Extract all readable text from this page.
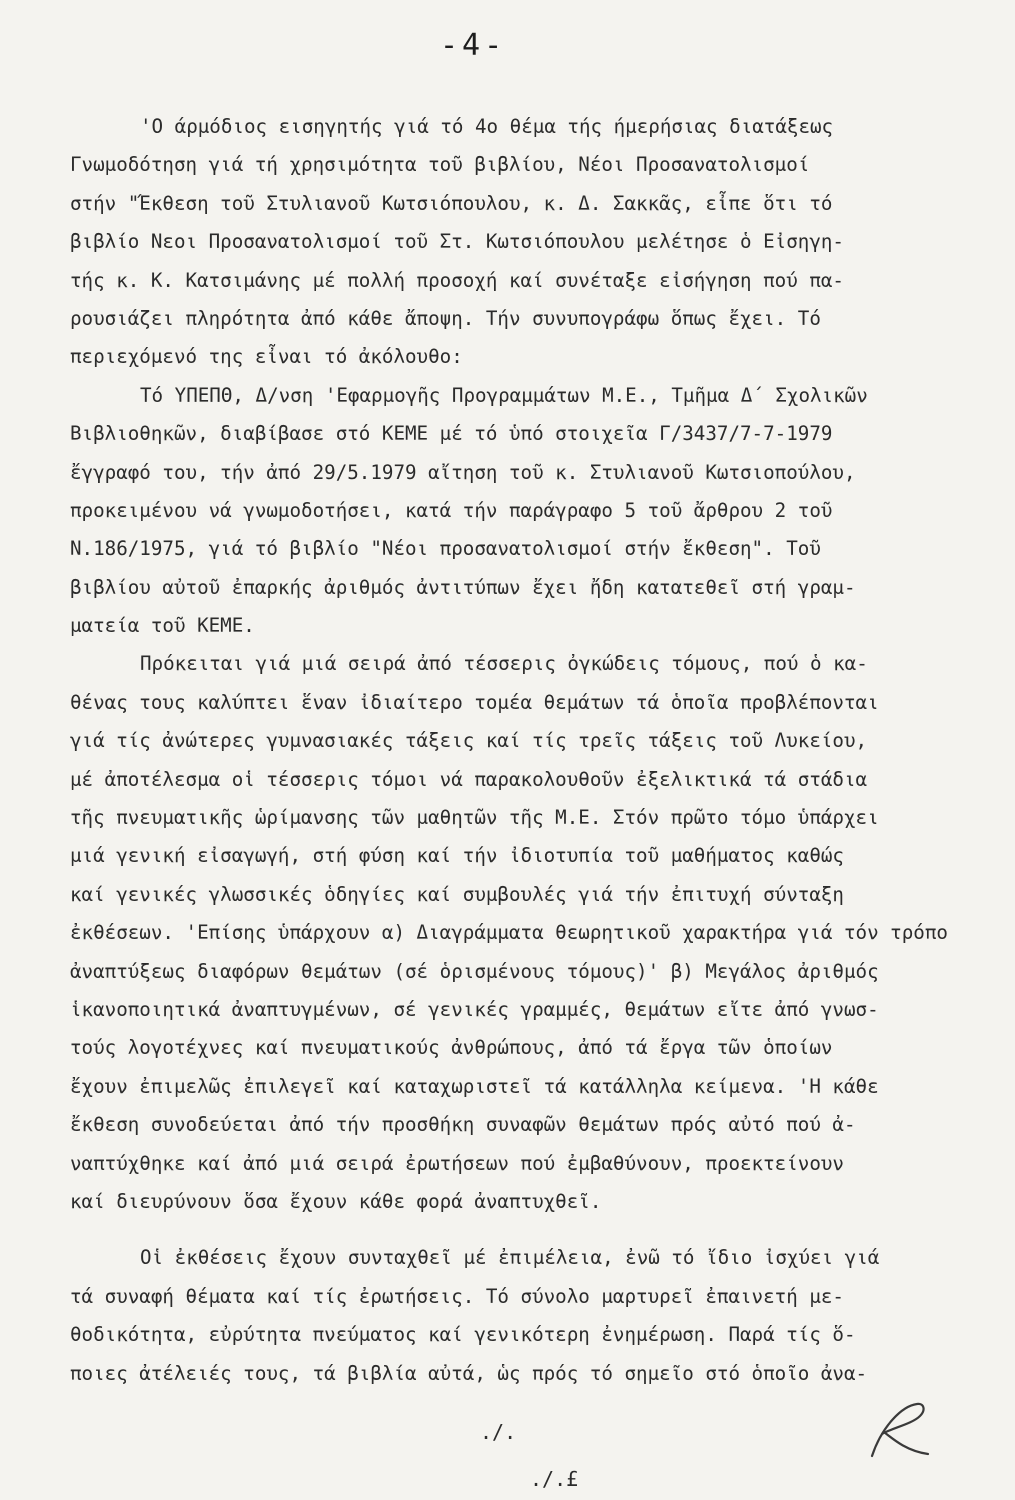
-4-
'Ο άρμόδιος εισηγητής γιά τό 4ο θέμα τής ήμερήσιας διατάξεως
Γνωμοδότηση γιά τή χρησιμότητα τοῦ βιβλίου, Νέοι Προσανατολισμοί
στήν "Έκθεση τοῦ Στυλιανοῦ Κωτσιόπουλου, κ. Δ. Σακκᾶς, εἶπε ὅτι τό
βιβλίο Νεοι Προσανατολισμοί τοῦ Στ. Κωτσιόπουλου μελέτησε ὁ Εἰσηγη-
τής κ. Κ. Κατσιμάνης μέ πολλή προσοχή καί συνέταξε εἰσήγηση πού πα-
ρουσιάζει πληρότητα ἀπό κάθε ἄποψη. Τήν συνυπογράφω ὅπως ἔχει. Τό
περιεχόμενό της εἶναι τό ἀκόλουθο:
Τό ΥΠΕΠΘ, Δ/νση 'Εφαρμογῆς Προγραμμάτων Μ.Ε., Τμῆμα Δ΄ Σχολικῶν
Βιβλιοθηκῶν, διαβίβασε στό ΚΕΜΕ μέ τό ὑπό στοιχεῖα Γ/3437/7-7-1979
ἔγγραφό του, τήν ἀπό 29/5.1979 αἴτηση τοῦ κ. Στυλιανοῦ Κωτσιοπούλου,
προκειμένου νά γνωμοδοτήσει, κατά τήν παράγραφο 5 τοῦ ἄρθρου 2 τοῦ
Ν.186/1975, γιά τό βιβλίο "Νέοι προσανατολισμοί στήν ἔκθεση". Τοῦ
βιβλίου αὐτοῦ ἐπαρκής ἀριθμός ἀντιτύπων ἔχει ἤδη κατατεθεῖ στή γραμ-
ματεία τοῦ ΚΕΜΕ.
Πρόκειται γιά μιά σειρά ἀπό τέσσερις ὀγκώδεις τόμους, πού ὁ κα-
θένας τους καλύπτει ἕναν ἰδιαίτερο τομέα θεμάτων τά ὁποῖα προβλέπονται
γιά τίς ἀνώτερες γυμνασιακές τάξεις καί τίς τρεῖς τάξεις τοῦ Λυκείου,
μέ ἀποτέλεσμα οἱ τέσσερις τόμοι νά παρακολουθοῦν ἐξελικτικά τά στάδια
τῆς πνευματικῆς ὡρίμανσης τῶν μαθητῶν τῆς Μ.Ε. Στόν πρῶτο τόμο ὑπάρχει
μιά γενική εἰσαγωγή, στή φύση καί τήν ἰδιοτυπία τοῦ μαθήματος καθώς
καί γενικές γλωσσικές ὁδηγίες καί συμβουλές γιά τήν ἐπιτυχή σύνταξη
ἐκθέσεων. 'Επίσης ὑπάρχουν α) Διαγράμματα θεωρητικοῦ χαρακτήρα γιά τόν τρόπο
ἀναπτύξεως διαφόρων θεμάτων (σέ ὁρισμένους τόμους)' β) Μεγάλος ἀριθμός
ἱκανοποιητικά ἀναπτυγμένων, σέ γενικές γραμμές, θεμάτων εἴτε ἀπό γνωσ-
τούς λογοτέχνες καί πνευματικούς ἀνθρώπους, ἀπό τά ἔργα τῶν ὁποίων
ἔχουν ἐπιμελῶς ἐπιλεγεῖ καί καταχωριστεῖ τά κατάλληλα κείμενα. 'Η κάθε
ἔκθεση συνοδεύεται ἀπό τήν προσθήκη συναφῶν θεμάτων πρός αὐτό πού ἀ-
ναπτύχθηκε καί ἀπό μιά σειρά ἐρωτήσεων πού ἐμβαθύνουν, προεκτείνουν
καί διευρύνουν ὅσα ἔχουν κάθε φορά ἀναπτυχθεῖ.
Οἱ ἐκθέσεις ἔχουν συνταχθεῖ μέ ἐπιμέλεια, ἐνῶ τό ἴδιο ἰσχύει γιά
τά συναφή θέματα καί τίς ἐρωτήσεις. Τό σύνολο μαρτυρεῖ ἐπαινετή με-
θοδικότητα, εὐρύτητα πνεύματος καί γενικότερη ἐνημέρωση. Παρά τίς ὅ-
ποιες ἀτέλειές τους, τά βιβλία αὐτά, ὡς πρός τό σημεῖο στό ὁποῖο ἀνα-
./.
./.£
